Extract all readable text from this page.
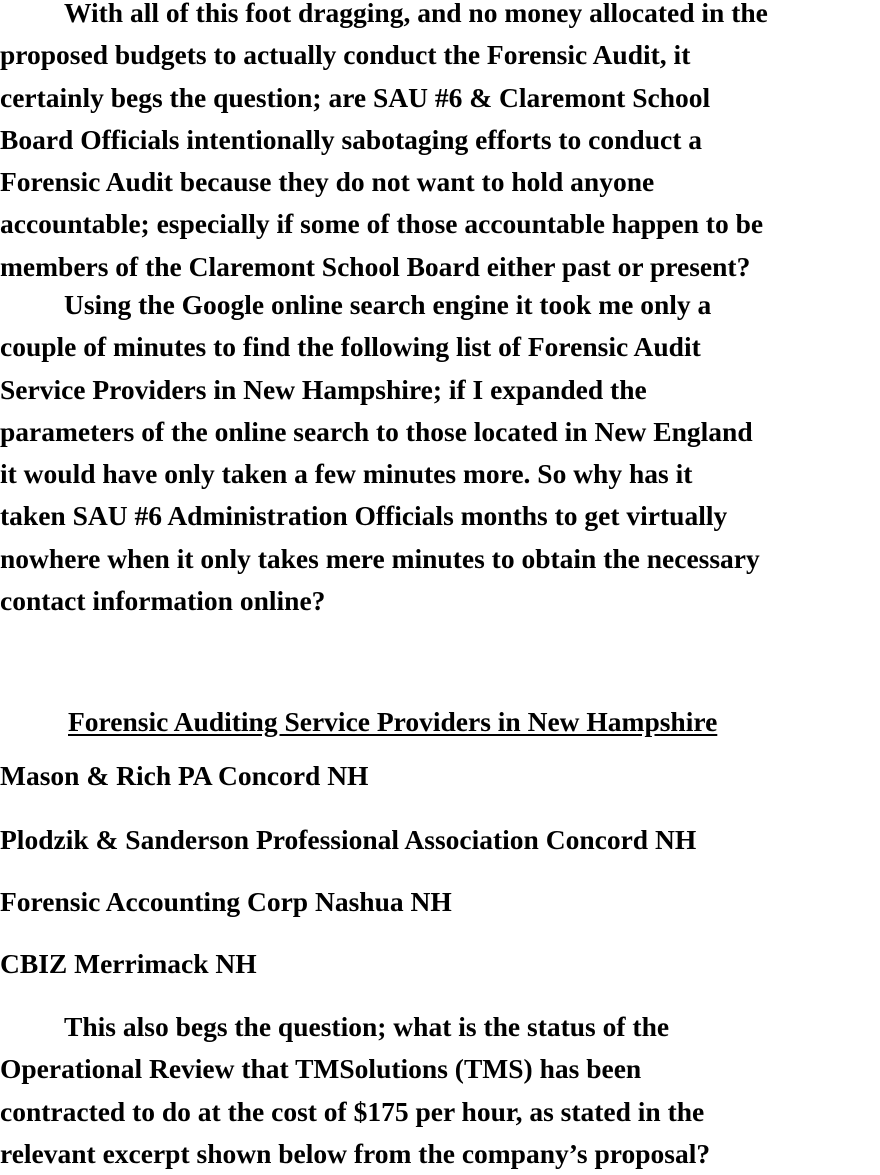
With all of this foot dragging, and no money allocated in the
proposed budgets to actually conduct the Forensic Audit, it
certainly begs the question; are SAU #6 & Claremont School
Board Officials intentionally sabotaging efforts to conduct a
Forensic Audit because they do not want to hold anyone
accountable; especially if some of those accountable happen to be
members of the Claremont School Board either past or present?
Using the Google online search engine it took me only a
couple of minutes to find the following list of Forensic Audit
Service Providers in New Hampshire; if I expanded the
parameters of the online search to those located in New England
it would have only taken a few minutes more. So why has it
taken SAU #6 Administration Officials months to get virtually
nowhere when it only takes mere minutes to obtain the necessary
contact information online?
Forensic Auditing Service Providers in New Hampshire

Mason & Rich PA Concord NH

Plodzik & Sanderson Professional Association Concord NH

Forensic Accounting Corp Nashua NH

CBIZ Merrimack NH

This also begs the question; what is the status of the
Operational Review that TMSolutions (TMS) has been
contracted to do at the cost of $175 per hour, as stated in the
relevant excerpt shown below from the company’s proposal?
